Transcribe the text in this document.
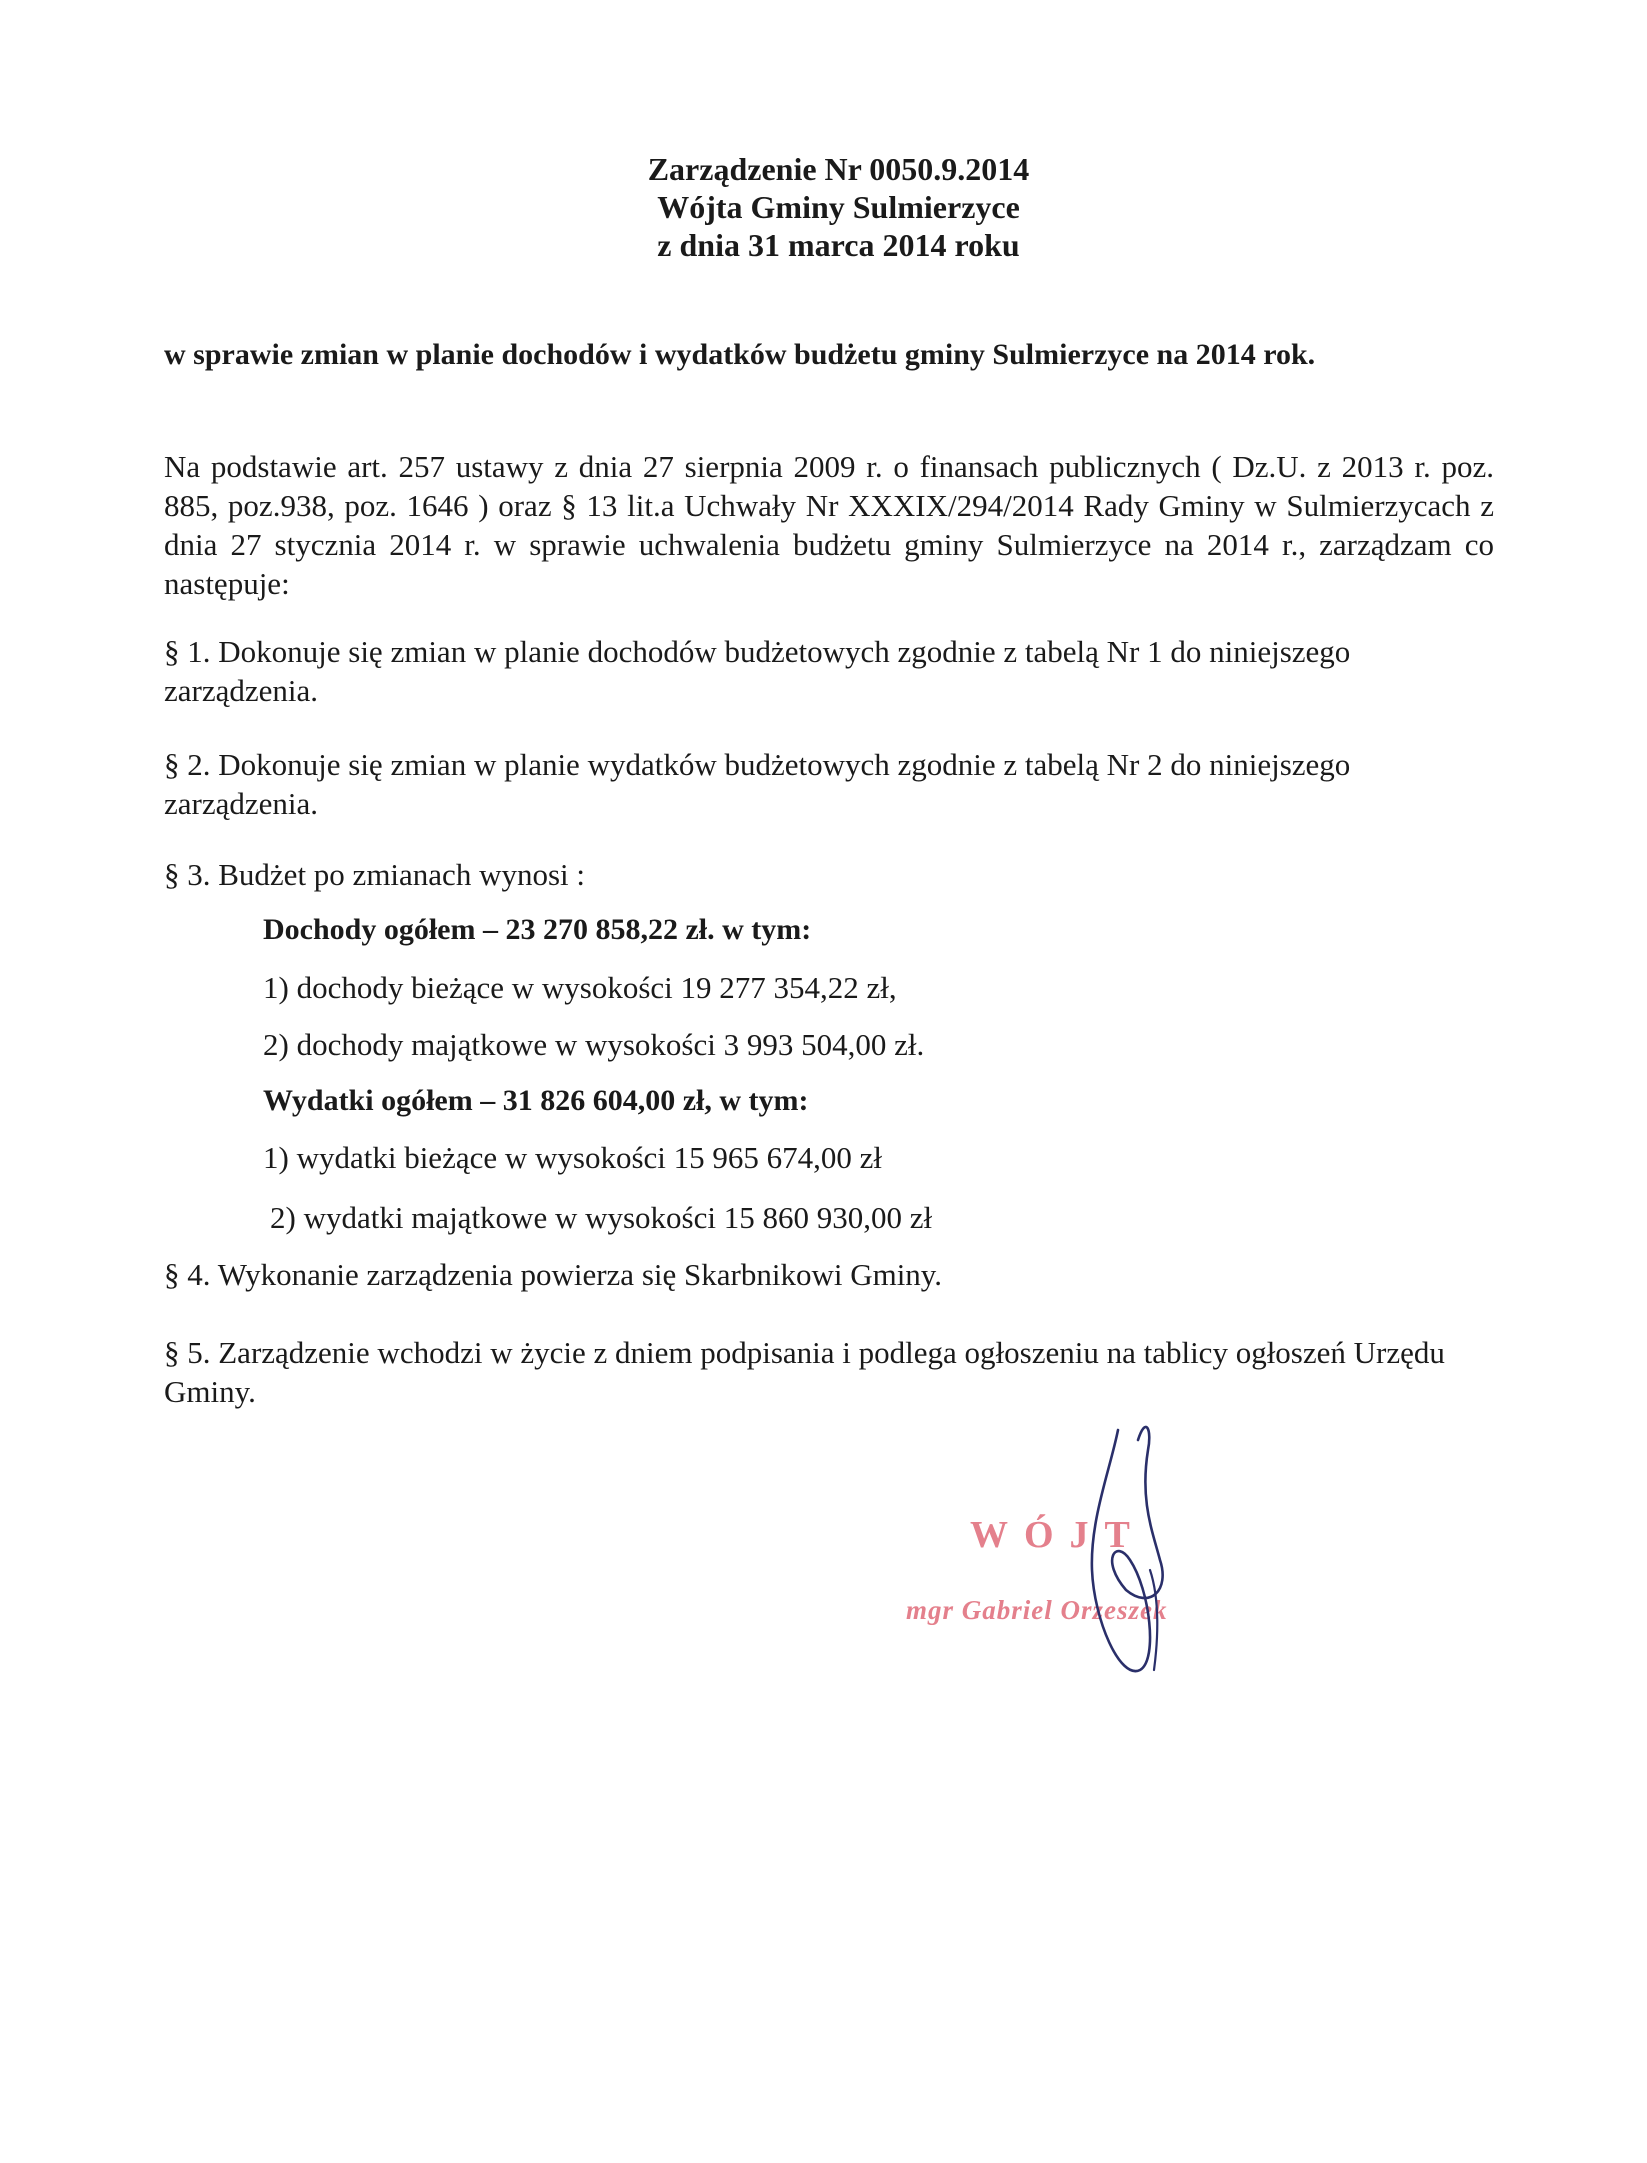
Zarządzenie Nr 0050.9.2014
Wójta Gminy Sulmierzyce
z dnia 31 marca 2014 roku
w sprawie zmian w planie dochodów i wydatków budżetu gminy Sulmierzyce na 2014 rok.
Na podstawie art. 257 ustawy z dnia 27 sierpnia 2009 r. o finansach publicznych ( Dz.U. z 2013 r. poz. 885, poz.938, poz. 1646 ) oraz § 13 lit.a Uchwały Nr XXXIX/294/2014 Rady Gminy w Sulmierzycach z dnia 27 stycznia 2014 r. w sprawie uchwalenia budżetu gminy Sulmierzyce na 2014 r., zarządzam co następuje:
§ 1. Dokonuje się zmian w planie dochodów budżetowych zgodnie z tabelą Nr 1 do niniejszego zarządzenia.
§ 2. Dokonuje się zmian w planie wydatków budżetowych zgodnie z tabelą Nr 2 do niniejszego zarządzenia.
§ 3. Budżet po zmianach wynosi :
Dochody ogółem – 23 270 858,22 zł. w tym:
1) dochody bieżące w wysokości 19 277 354,22 zł,
2) dochody majątkowe w wysokości 3 993 504,00 zł.
Wydatki ogółem – 31 826 604,00 zł, w tym:
1) wydatki bieżące w wysokości 15 965 674,00 zł
2) wydatki majątkowe w wysokości 15 860 930,00 zł
§ 4. Wykonanie zarządzenia powierza się Skarbnikowi Gminy.
§ 5. Zarządzenie wchodzi w życie z dniem podpisania i podlega ogłoszeniu na tablicy ogłoszeń Urzędu Gminy.
WÓJT
mgr Gabriel Orzeszek
